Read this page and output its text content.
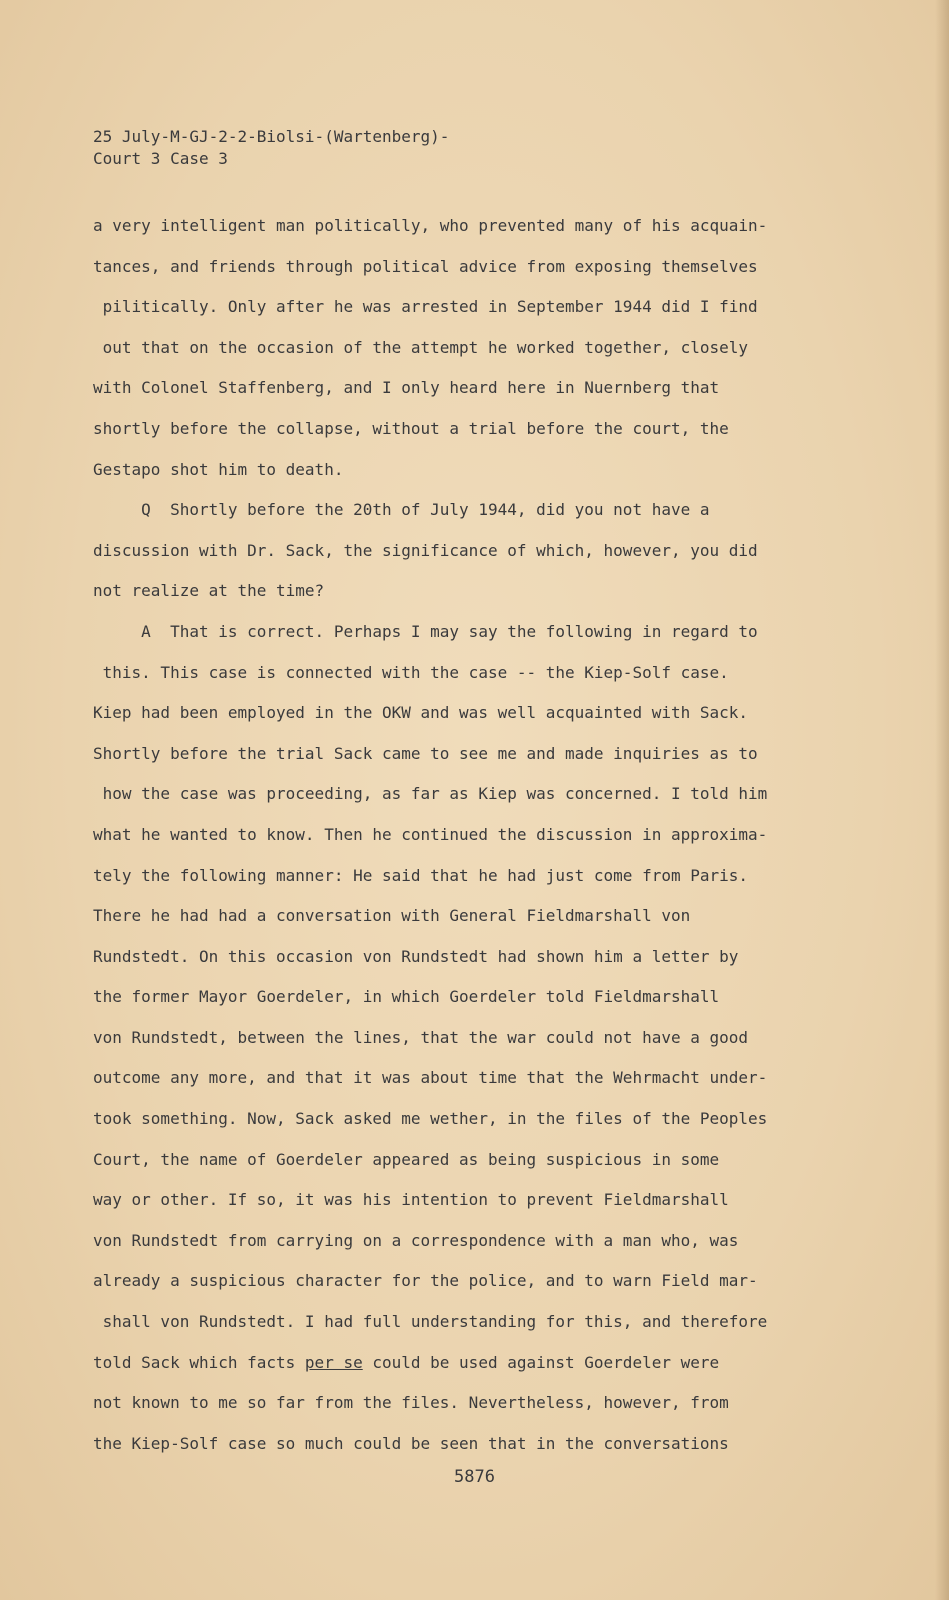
25 July-M-GJ-2-2-Biolsi-(Wartenberg)-
Court 3 Case 3
a very intelligent man politically, who prevented many of his acquain-
tances, and friends through political advice from exposing themselves
pilitically. Only after he was arrested in September 1944 did I find
out that on the occasion of the attempt he worked together, closely
with Colonel Staffenberg, and I only heard here in Nuernberg that
shortly before the collapse, without a trial before the court, the
Gestapo shot him to death.
Q  Shortly before the 20th of July 1944, did you not have a
discussion with Dr. Sack, the significance of which, however, you did
not realize at the time?
A  That is correct. Perhaps I may say the following in regard to
this. This case is connected with the case -- the Kiep-Solf case.
Kiep had been employed in the OKW and was well acquainted with Sack.
Shortly before the trial Sack came to see me and made inquiries as to
how the case was proceeding, as far as Kiep was concerned. I told him
what he wanted to know. Then he continued the discussion in approxima-
tely the following manner: He said that he had just come from Paris.
There he had had a conversation with General Fieldmarshall von
Rundstedt. On this occasion von Rundstedt had shown him a letter by
the former Mayor Goerdeler, in which Goerdeler told Fieldmarshall
von Rundstedt, between the lines, that the war could not have a good
outcome any more, and that it was about time that the Wehrmacht under-
took something. Now, Sack asked me wether, in the files of the Peoples
Court, the name of Goerdeler appeared as being suspicious in some
way or other. If so, it was his intention to prevent Fieldmarshall
von Rundstedt from carrying on a correspondence with a man who, was
already a suspicious character for the police, and to warn Field mar-
shall von Rundstedt. I had full understanding for this, and therefore
told Sack which facts per se could be used against Goerdeler were
not known to me so far from the files. Nevertheless, however, from
the Kiep-Solf case so much could be seen that in the conversations
5876
